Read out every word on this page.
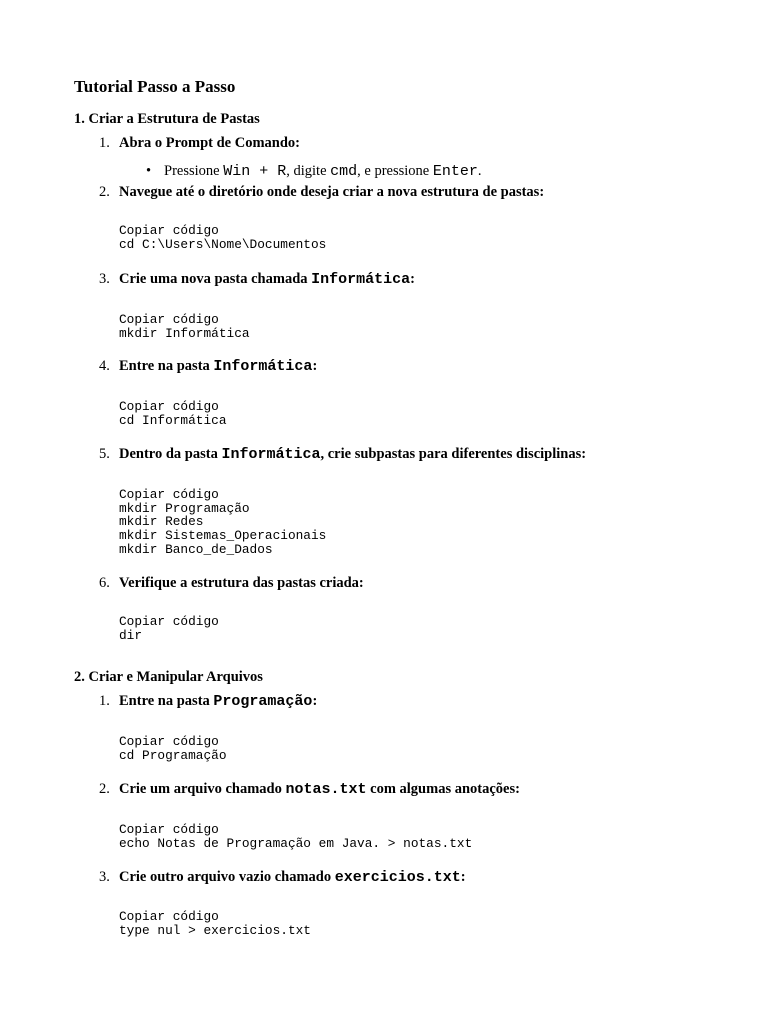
Tutorial Passo a Passo
1. Criar a Estrutura de Pastas
1. Abra o Prompt de Comando:
• Pressione Win + R, digite cmd, e pressione Enter.
2. Navegue até o diretório onde deseja criar a nova estrutura de pastas:
Copiar código
cd C:\Users\Nome\Documentos
3. Crie uma nova pasta chamada Informática:
Copiar código
mkdir Informática
4. Entre na pasta Informática:
Copiar código
cd Informática
5. Dentro da pasta Informática, crie subpastas para diferentes disciplinas:
Copiar código
mkdir Programação
mkdir Redes
mkdir Sistemas_Operacionais
mkdir Banco_de_Dados
6. Verifique a estrutura das pastas criada:
Copiar código
dir
2. Criar e Manipular Arquivos
1. Entre na pasta Programação:
Copiar código
cd Programação
2. Crie um arquivo chamado notas.txt com algumas anotações:
Copiar código
echo Notas de Programação em Java. > notas.txt
3. Crie outro arquivo vazio chamado exercicios.txt:
Copiar código
type nul > exercicios.txt
